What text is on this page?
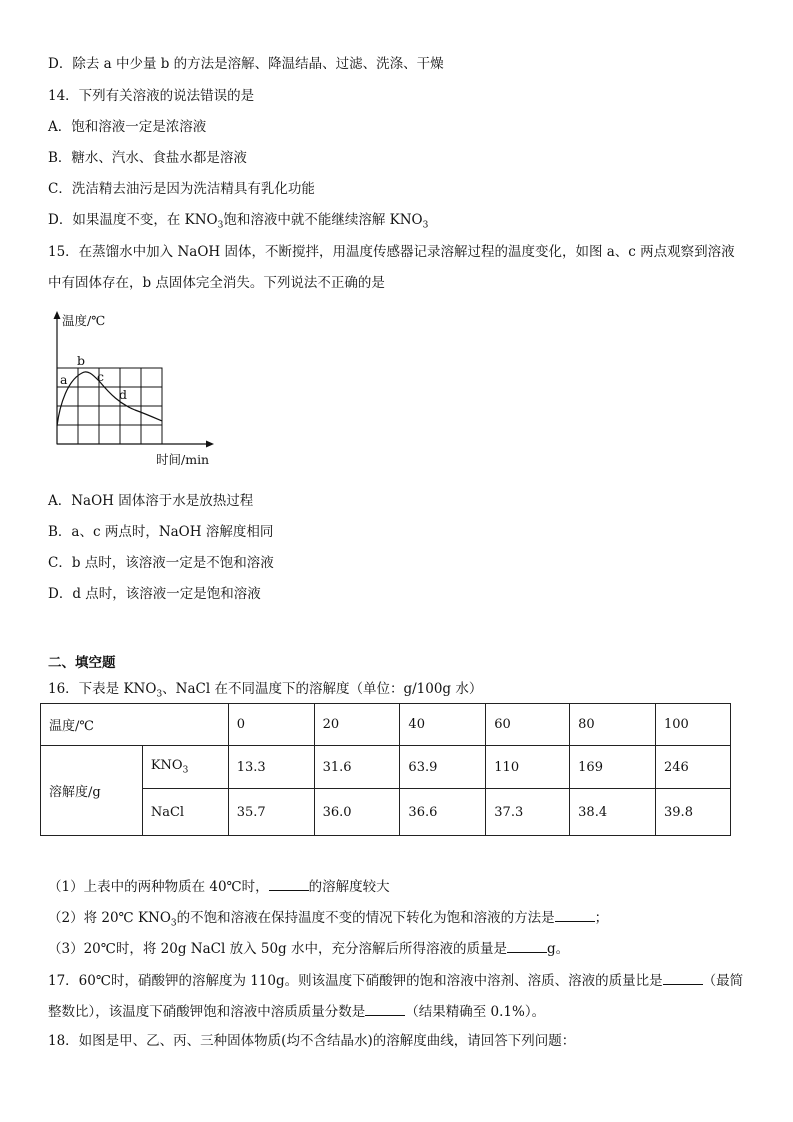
D．除去 a 中少量 b 的方法是溶解、降温结晶、过滤、洗涤、干燥
14．下列有关溶液的说法错误的是
A．饱和溶液一定是浓溶液
B．糖水、汽水、食盐水都是溶液
C．洗洁精去油污是因为洗洁精具有乳化功能
D．如果温度不变，在 $KNO_3$饱和溶液中就不能继续溶解 $KNO_3$
15．在蒸馏水中加入 NaOH 固体，不断搅拌，用温度传感器记录溶解过程的温度变化，如图 a、c 两点观察到溶液
中有固体存在，b 点固体完全消失。下列说法不正确的是
温度/℃
时间/min
a
b
c
d
A．NaOH 固体溶于水是放热过程
B．a、c 两点时，NaOH 溶解度相同
C．b 点时，该溶液一定是不饱和溶液
D．d 点时，该溶液一定是饱和溶液
二、填空题
16．下表是 $KNO_3$、NaCl 在不同温度下的溶解度（单位：g/100g 水）
温度/℃		0	20	40	60	80	100
溶解度/g	$KNO_3$	13.3	31.6	63.9	110	169	246
	NaCl	35.7	36.0	36.6	37.3	38.4	39.8
（1）上表中的两种物质在 40℃时，	的溶解度较大
（2）将 20℃ $KNO_3$的不饱和溶液在保持温度不变的情况下转化为饱和溶液的方法是	；
（3）20℃时，将 20g NaCl 放入 50g 水中，充分溶解后所得溶液的质量是	g。
17．60℃时，硝酸钾的溶解度为 110g。则该温度下硝酸钾的饱和溶液中溶剂、溶质、溶液的质量比是	（最简
整数比），该温度下硝酸钾饱和溶液中溶质质量分数是	（结果精确至 0.1%）。
18．如图是甲、乙、丙、三种固体物质(均不含结晶水)的溶解度曲线，请回答下列问题：
